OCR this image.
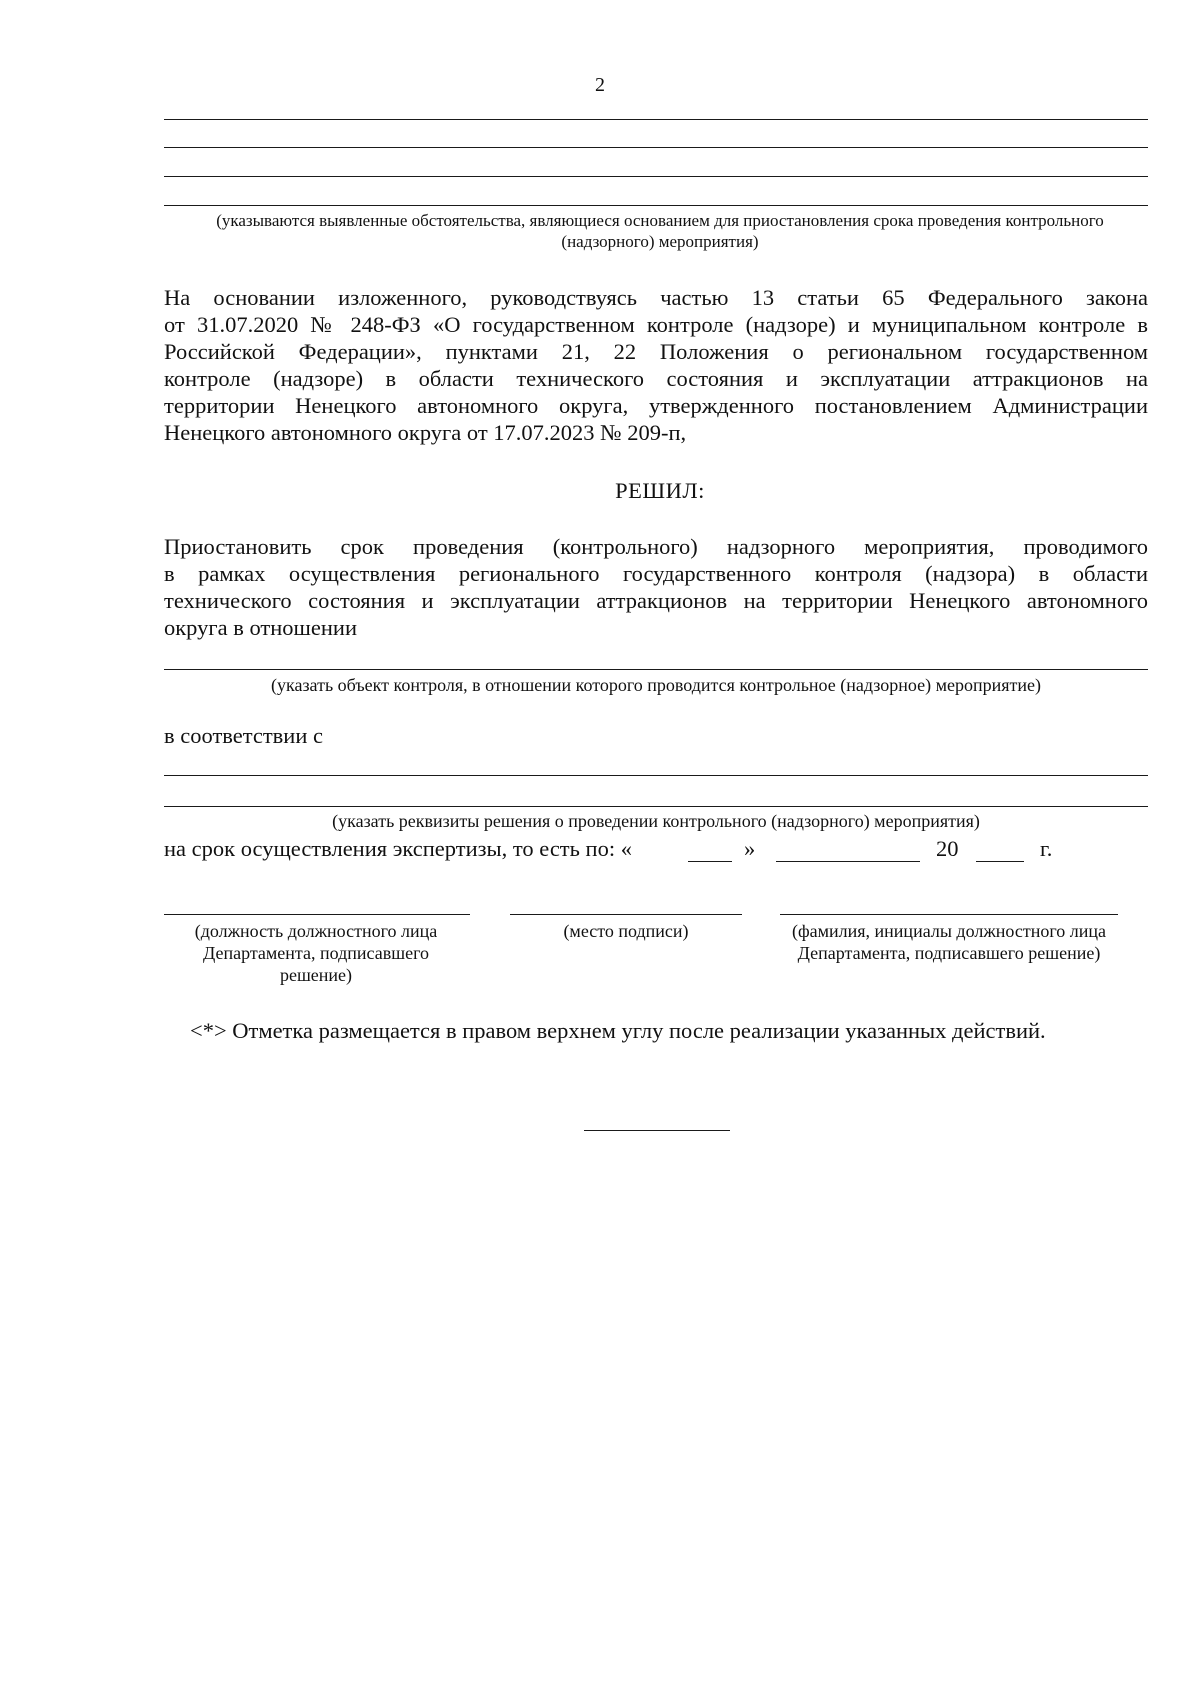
2
(указываются выявленные обстоятельства, являющиеся основанием для приостановления срока проведения контрольного (надзорного) мероприятия)
На основании изложенного, руководствуясь частью 13 статьи 65 Федерального закона
от 31.07.2020 № 248-ФЗ «О государственном контроле (надзоре) и муниципальном контроле в
Российской Федерации», пунктами 21, 22 Положения о региональном государственном
контроле (надзоре) в области технического состояния и эксплуатации аттракционов на
территории Ненецкого автономного округа, утвержденного постановлением Администрации
Ненецкого автономного округа от 17.07.2023 № 209-п,
РЕШИЛ:
Приостановить срок проведения (контрольного) надзорного мероприятия, проводимого
в рамках осуществления регионального государственного контроля (надзора) в области
технического состояния и эксплуатации аттракционов на территории Ненецкого автономного
округа в отношении
(указать объект контроля, в отношении которого проводится контрольное (надзорное) мероприятие)
в соответствии с
(указать реквизиты решения о проведении контрольного (надзорного) мероприятия)
на срок осуществления экспертизы, то есть по: «	»	20	г.
(должность должностного лица Департамента, подписавшего решение)
(место подписи)	(фамилия, инициалы должностного лица Департамента, подписавшего решение)
<*> Отметка размещается в правом верхнем углу после реализации указанных действий.
